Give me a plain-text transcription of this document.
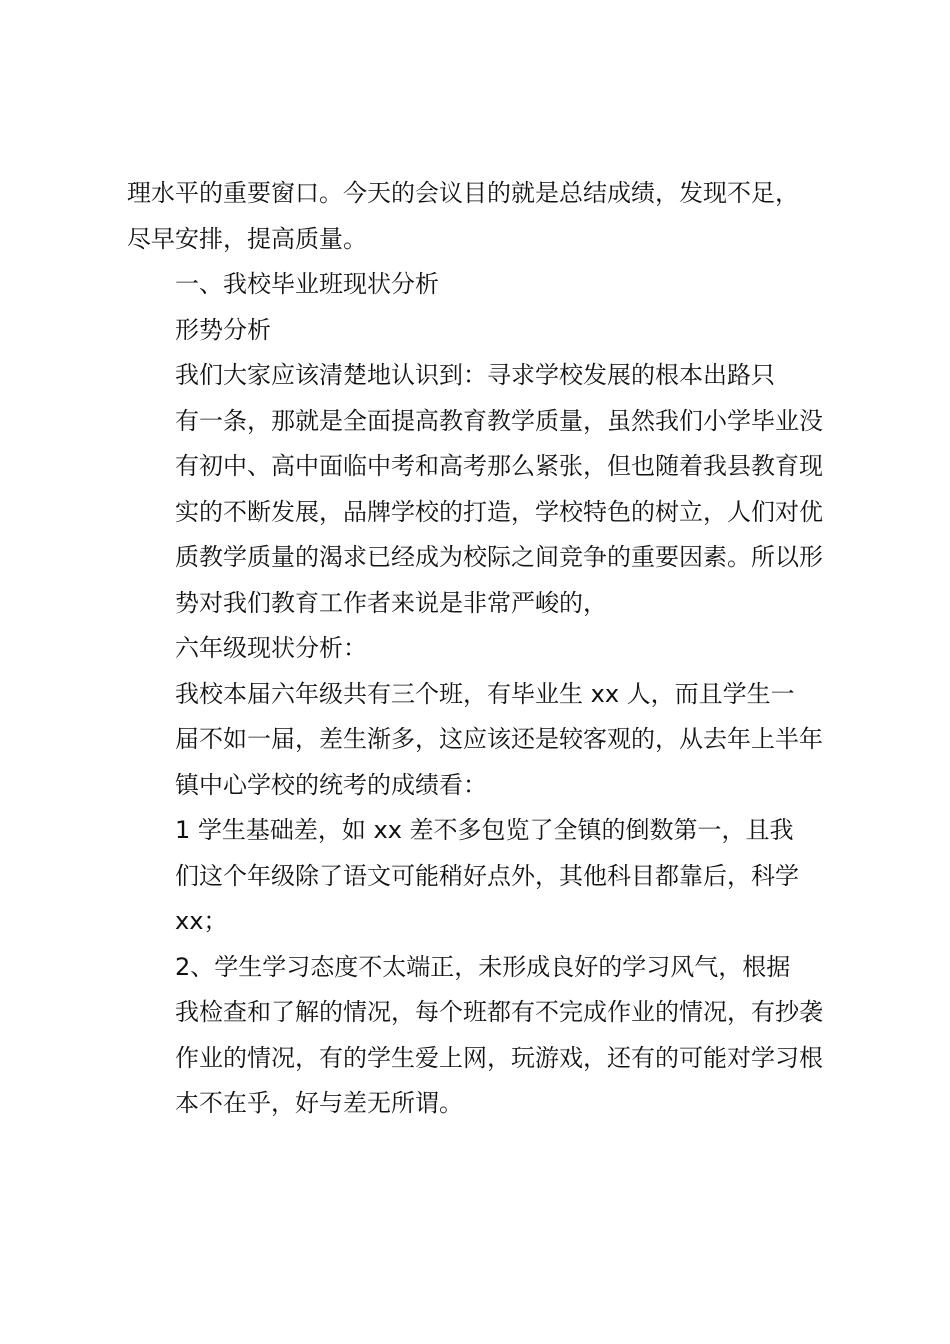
理水平的重要窗口。今天的会议目的就是总结成绩，发现不足，
尽早安排，提高质量。
一、我校毕业班现状分析
形势分析
我们大家应该清楚地认识到：寻求学校发展的根本出路只
有一条，那就是全面提高教育教学质量，虽然我们小学毕业没
有初中、高中面临中考和高考那么紧张，但也随着我县教育现
实的不断发展，品牌学校的打造，学校特色的树立，人们对优
质教学质量的渴求已经成为校际之间竞争的重要因素。所以形
势对我们教育工作者来说是非常严峻的，
六年级现状分析：
我校本届六年级共有三个班，有毕业生 xx 人，而且学生一
届不如一届，差生渐多，这应该还是较客观的，从去年上半年
镇中心学校的统考的成绩看：
1 学生基础差，如 xx 差不多包览了全镇的倒数第一，且我
们这个年级除了语文可能稍好点外，其他科目都靠后，科学
xx；
2、学生学习态度不太端正，未形成良好的学习风气，根据
我检查和了解的情况，每个班都有不完成作业的情况，有抄袭
作业的情况，有的学生爱上网，玩游戏，还有的可能对学习根
本不在乎，好与差无所谓。
